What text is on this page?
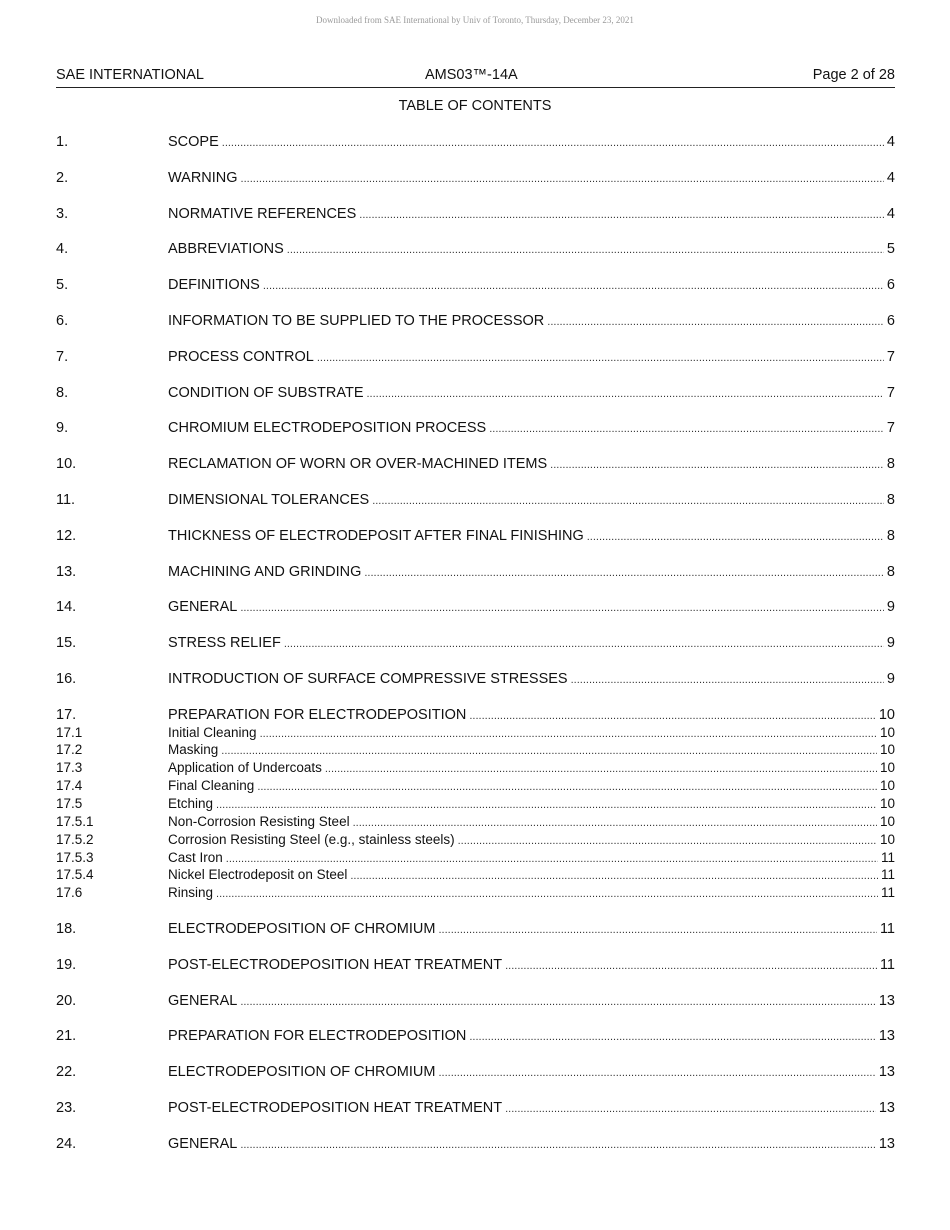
Downloaded from SAE International by Univ of Toronto, Thursday, December 23, 2021
SAE INTERNATIONAL	AMS03™-14A	Page 2 of 28
TABLE OF CONTENTS
1.	SCOPE .....	4
2.	WARNING .....	4
3.	NORMATIVE REFERENCES .....	4
4.	ABBREVIATIONS .....	5
5.	DEFINITIONS .....	6
6.	INFORMATION TO BE SUPPLIED TO THE PROCESSOR .....	6
7.	PROCESS CONTROL .....	7
8.	CONDITION OF SUBSTRATE .....	7
9.	CHROMIUM ELECTRODEPOSITION PROCESS .....	7
10.	RECLAMATION OF WORN OR OVER-MACHINED ITEMS .....	8
11.	DIMENSIONAL TOLERANCES .....	8
12.	THICKNESS OF ELECTRODEPOSIT AFTER FINAL FINISHING .....	8
13.	MACHINING AND GRINDING .....	8
14.	GENERAL .....	9
15.	STRESS RELIEF .....	9
16.	INTRODUCTION OF SURFACE COMPRESSIVE STRESSES .....	9
17.	PREPARATION FOR ELECTRODEPOSITION .....	10
17.1	Initial Cleaning .....	10
17.2	Masking .....	10
17.3	Application of Undercoats .....	10
17.4	Final Cleaning .....	10
17.5	Etching .....	10
17.5.1	Non-Corrosion Resisting Steel .....	10
17.5.2	Corrosion Resisting Steel (e.g., stainless steels) .....	10
17.5.3	Cast Iron .....	11
17.5.4	Nickel Electrodeposit on Steel .....	11
17.6	Rinsing .....	11
18.	ELECTRODEPOSITION OF CHROMIUM .....	11
19.	POST-ELECTRODEPOSITION HEAT TREATMENT .....	11
20.	GENERAL .....	13
21.	PREPARATION FOR ELECTRODEPOSITION .....	13
22.	ELECTRODEPOSITION OF CHROMIUM .....	13
23.	POST-ELECTRODEPOSITION HEAT TREATMENT .....	13
24.	GENERAL .....	13
